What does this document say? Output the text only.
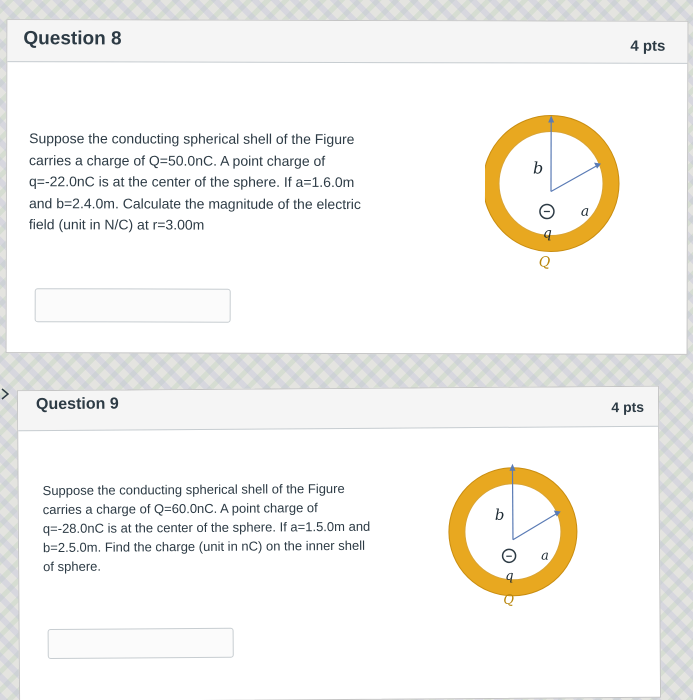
Question 8	4 pts
Suppose the conducting spherical shell of the Figure carries a charge of Q=50.0nC. A point charge of q=-22.0nC is at the center of the sphere. If a=1.6.0m and b=2.4.0m. Calculate the magnitude of the electric field (unit in N/C) at r=3.00m
−
b
a
q
Q
Question 9	4 pts
Suppose the conducting spherical shell of the Figure carries a charge of Q=60.0nC. A point charge of q=-28.0nC is at the center of the sphere. If a=1.5.0m and b=2.5.0m. Find the charge (unit in nC) on the inner shell of sphere.
−
b
a
q
Q
